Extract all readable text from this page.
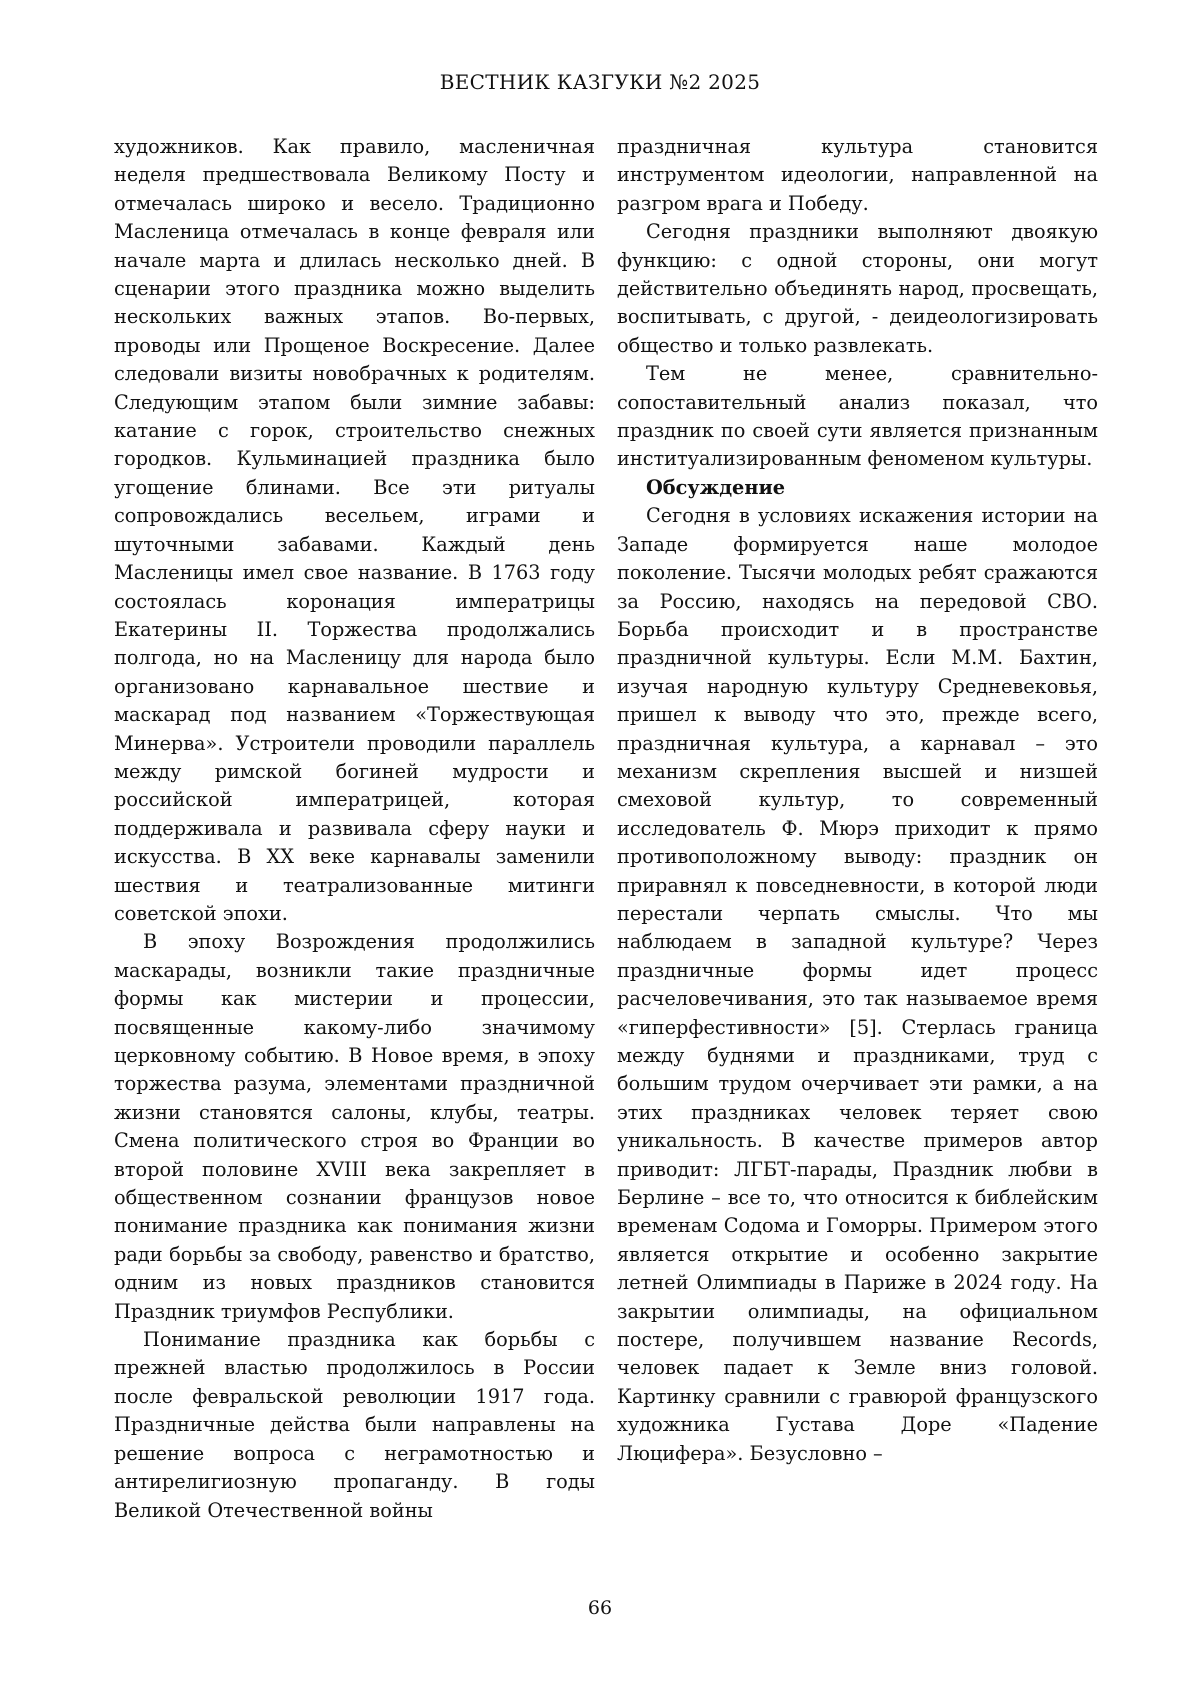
ВЕСТНИК КАЗГУКИ №2 2025

художников. Как правило, масленичная неделя предшествовала Великому Посту и отмечалась широко и весело. Традиционно Масленица отмечалась в конце февраля или начале марта и длилась несколько дней. В сценарии этого праздника можно выделить нескольких важных этапов. Во-первых, проводы или Прощеное Воскресение. Далее следовали визиты новобрачных к родителям. Следующим этапом были зимние забавы: катание с горок, строительство снежных городков. Кульминацией праздника было угощение блинами. Все эти ритуалы сопровождались весельем, играми и шуточными забавами. Каждый день Масленицы имел свое название. В 1763 году состоялась коронация императрицы Екатерины II. Торжества продолжались полгода, но на Масленицу для народа было организовано карнавальное шествие и маскарад под названием «Торжествующая Минерва». Устроители проводили параллель между римской богиней мудрости и российской императрицей, которая поддерживала и развивала сферу науки и искусства. В XX веке карнавалы заменили шествия и театрализованные митинги советской эпохи.

В эпоху Возрождения продолжились маскарады, возникли такие праздничные формы как мистерии и процессии, посвященные какому-либо значимому церковному событию. В Новое время, в эпоху торжества разума, элементами праздничной жизни становятся салоны, клубы, театры. Смена политического строя во Франции во второй половине XVIII века закрепляет в общественном сознании французов новое понимание праздника как понимания жизни ради борьбы за свободу, равенство и братство, одним из новых праздников становится Праздник триумфов Республики.

Понимание праздника как борьбы с прежней властью продолжилось в России после февральской революции 1917 года. Праздничные действа были направлены на решение вопроса с неграмотностью и антирелигиозную пропаганду. В годы Великой Отечественной войны

праздничная культура становится инструментом идеологии, направленной на разгром врага и Победу.

Сегодня праздники выполняют двоякую функцию: с одной стороны, они могут действительно объединять народ, просвещать, воспитывать, с другой, - деидеологизировать общество и только развлекать.

Тем не менее, сравнительно-сопоставительный анализ показал, что праздник по своей сути является признанным институализированным феноменом культуры.

Обсуждение

Сегодня в условиях искажения истории на Западе формируется наше молодое поколение. Тысячи молодых ребят сражаются за Россию, находясь на передовой СВО. Борьба происходит и в пространстве праздничной культуры. Если М.М. Бахтин, изучая народную культуру Средневековья, пришел к выводу что это, прежде всего, праздничная культура, а карнавал – это механизм скрепления высшей и низшей смеховой культур, то современный исследователь Ф. Мюрэ приходит к прямо противоположному выводу: праздник он приравнял к повседневности, в которой люди перестали черпать смыслы. Что мы наблюдаем в западной культуре? Через праздничные формы идет процесс расчеловечивания, это так называемое время «гиперфестивности» [5]. Стерлась граница между буднями и праздниками, труд с большим трудом очерчивает эти рамки, а на этих праздниках человек теряет свою уникальность. В качестве примеров автор приводит: ЛГБТ-парады, Праздник любви в Берлине – все то, что относится к библейским временам Содома и Гоморры. Примером этого является открытие и особенно закрытие летней Олимпиады в Париже в 2024 году. На закрытии олимпиады, на официальном постере, получившем название Records, человек падает к Земле вниз головой. Картинку сравнили с гравюрой французского художника Густава Доре «Падение Люцифера». Безусловно –

66
